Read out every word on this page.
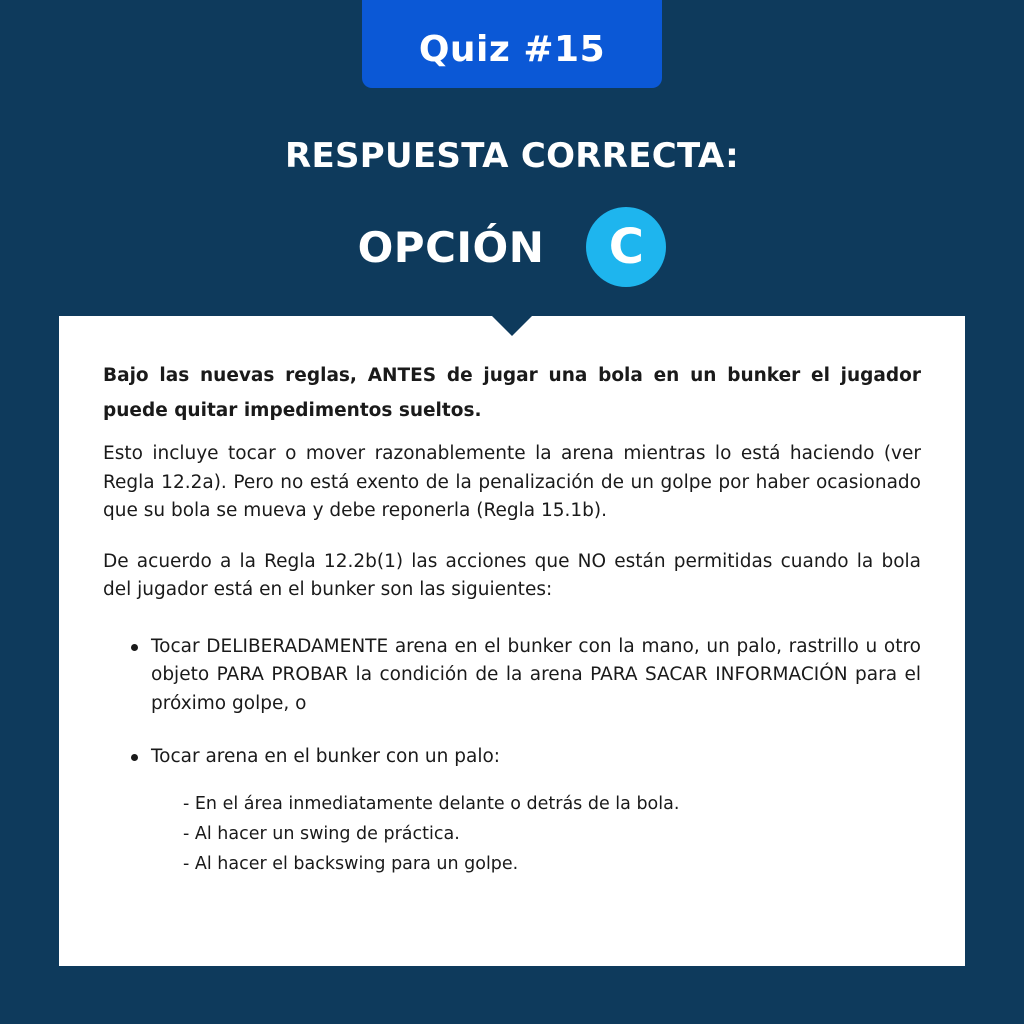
Quiz #15
RESPUESTA CORRECTA:
OPCIÓN	C

Bajo las nuevas reglas, ANTES de jugar una bola en un bunker el jugador puede quitar impedimentos sueltos.

Esto incluye tocar o mover razonablemente la arena mientras lo está haciendo (ver Regla 12.2a). Pero no está exento de la penalización de un golpe por haber ocasionado que su bola se mueva y debe reponerla (Regla 15.1b).

De acuerdo a la Regla 12.2b(1) las acciones que NO están permitidas cuando la bola del jugador está en el bunker son las siguientes:

Tocar DELIBERADAMENTE arena en el bunker con la mano, un palo, rastrillo u otro objeto PARA PROBAR la condición de la arena PARA SACAR INFORMACIÓN para el próximo golpe, o
Tocar arena en el bunker con un palo:
- En el área inmediatamente delante o detrás de la bola.
- Al hacer un swing de práctica.
- Al hacer el backswing para un golpe.
